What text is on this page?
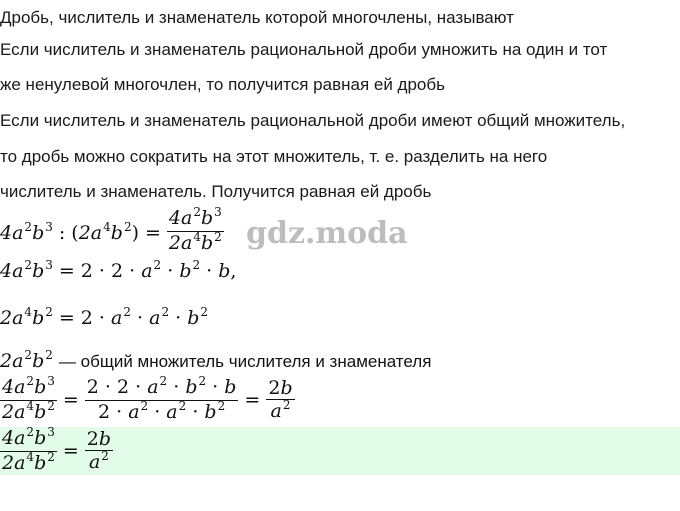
Дробь, числитель и знаменатель которой многочлены, называют
Если числитель и знаменатель рациональной дроби умножить на один и тот
же ненулевой многочлен, то получится равная ей дробь
Если числитель и знаменатель рациональной дроби имеют общий множитель,
то дробь можно сократить на этот множитель, т. е. разделить на него
числитель и знаменатель. Получится равная ей дробь
$4a^2b^3$ : $(2a^4b^2) = \frac{4a^2b^3}{2a^4b^2}$ gdz.moda
$4a^2b^3 = 2 \cdot 2 \cdot a^2 \cdot b^2 \cdot b$,
$2a^4b^2 = 2 \cdot a^2 \cdot a^2 \cdot b^2$
$2a^2b^2$ — общий множитель числителя и знаменателя
$\frac{4a^2b^3}{2a^4b^2} = \frac{2 \cdot 2 \cdot a^2 \cdot b^2 \cdot b}{2 \cdot a^2 \cdot a^2 \cdot b^2} = \frac{2b}{a^2}$
$\frac{4a^2b^3}{2a^4b^2} = \frac{2b}{a^2}$
